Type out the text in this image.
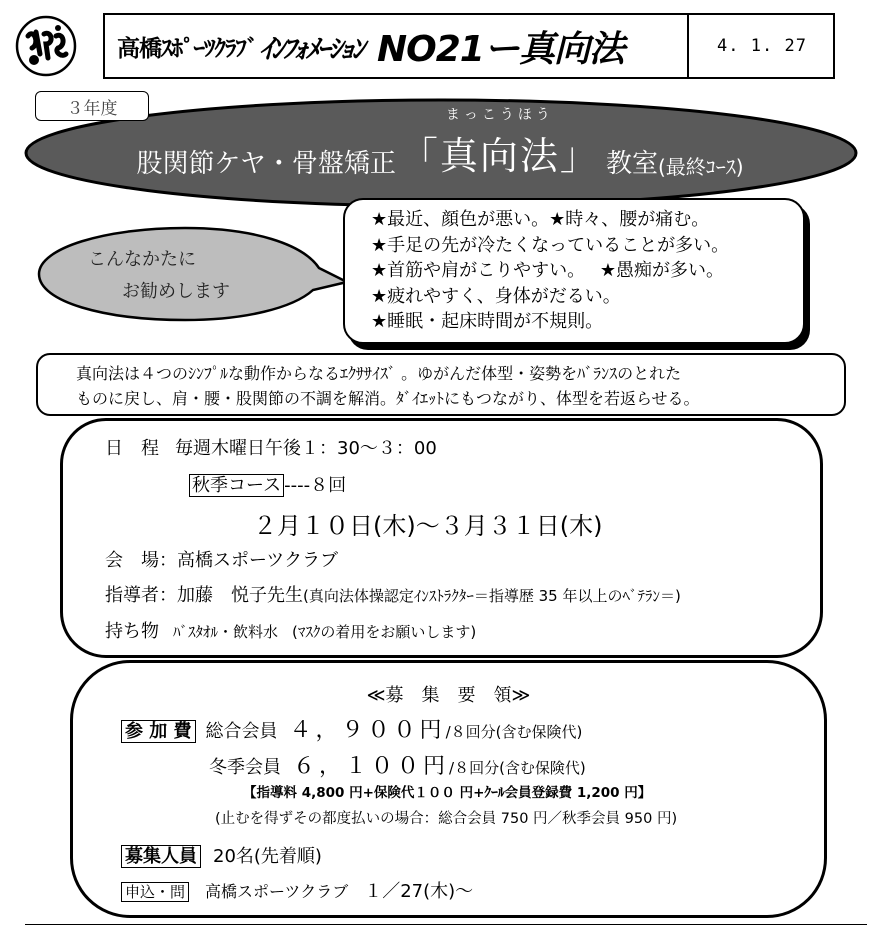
高橋ｽﾎﾟｰﾂｸﾗﾌﾞ ｲﾝﾌｫﾒｰｼｮﾝ NO21ー真向法	4. 1. 27
３年度
股関節ケヤ・骨盤矯正
まっこうほう
「真向法」 教室 (最終ｺｰｽ)
こんなかたに
お勧めします
★最近、顔色が悪い。★時々、腰が痛む。
★手足の先が冷たくなっていることが多い。
★首筋や肩がこりやすい。　 ★愚痴が多い。
★疲れやすく、身体がだるい。
★睡眠・起床時間が不規則。
真向法は４つのｼﾝﾌﾟﾙな動作からなるｴｸｻｻｲｽﾞ 。ゆがんだ体型・姿勢をﾊﾞﾗﾝｽのとれた
ものに戻し、肩・腰・股関節の不調を解消。ﾀﾞｲｴｯﾄにもつながり、体型を若返らせる。
日　程 毎週木曜日午後１：30～３：00
秋季コース ----８回
２月１０日(木)～３月３１日(木)
会　場：高橋スポーツクラブ
指導者：加藤　悦子先生(真向法体操認定ｲﾝｽﾄﾗｸﾀｰ＝指導歴 35 年以上のﾍﾞﾃﾗﾝ＝)
持ち物 ﾊﾞｽﾀｵﾙ・飲料水 (ﾏｽｸの着用をお願いします)
≪募　集　要　領≫
参 加 費 総合会員 ４，９００円/８回分(含む保険代)
冬季会員 ６，１００円/８回分(含む保険代)
【指導料 4,800 円+保険代１００ 円+ｸｰﾙ会員登録費 1,200 円】
(止むを得ずその都度払いの場合：総合会員 750 円／秋季会員 950 円)
募集人員 20名(先着順)
申込・問 高橋スポーツクラブ １／27(木)～
